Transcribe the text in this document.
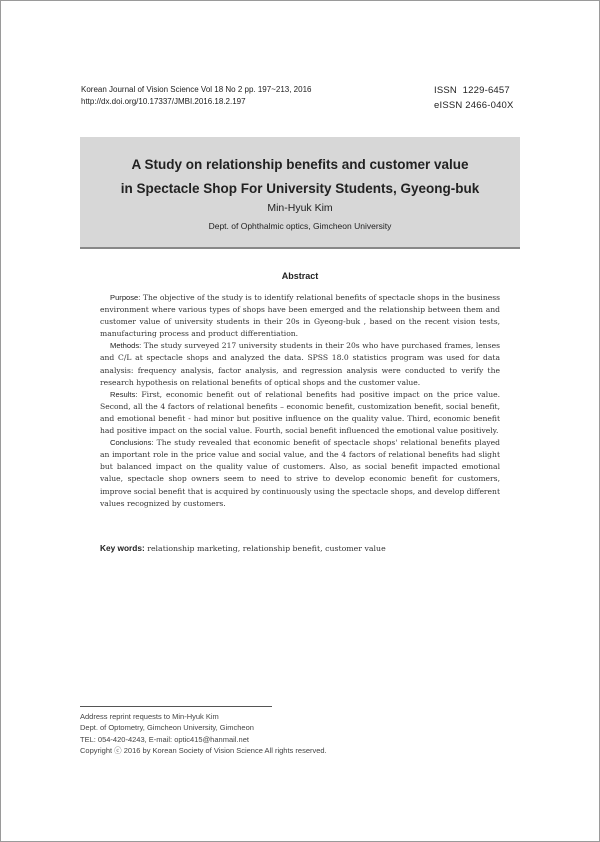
Korean Journal of Vision Science Vol 18 No 2 pp. 197~213, 2016
http://dx.doi.org/10.17337/JMBI.2016.18.2.197
ISSN  1229-6457
eISSN 2466-040X
A Study on relationship benefits and customer value
in Spectacle Shop For University Students, Gyeong-buk
Min-Hyuk Kim
Dept. of Ophthalmic optics, Gimcheon University
Abstract

Purpose: The objective of the study is to identify relational benefits of spectacle shops in the business environment where various types of shops have been emerged and the relationship between them and customer value of university students in their 20s in Gyeong-buk , based on the recent vision tests, manufacturing process and product differentiation.

Methods: The study surveyed 217 university students in their 20s who have purchased frames, lenses and C/L at spectacle shops and analyzed the data. SPSS 18.0 statistics program was used for data analysis: frequency analysis, factor analysis, and regression analysis were conducted to verify the research hypothesis on relational benefits of optical shops and the customer value.

Results: First, economic benefit out of relational benefits had positive impact on the price value. Second, all the 4 factors of relational benefits – economic benefit, customization benefit, social benefit, and emotional benefit - had minor but positive influence on the quality value. Third, economic benefit had positive impact on the social value. Fourth, social benefit influenced the emotional value positively.

Conclusions: The study revealed that economic benefit of spectacle shops' relational benefits played an important role in the price value and social value, and the 4 factors of relational benefits had slight but balanced impact on the quality value of customers. Also, as social benefit impacted emotional value, spectacle shop owners seem to need to strive to develop economic benefit for customers, improve social benefit that is acquired by continuously using the spectacle shops, and develop different values recognized by customers.

Key words: relationship marketing, relationship benefit, customer value
Address reprint requests to Min-Hyuk Kim
Dept. of Optometry, Gimcheon University, Gimcheon
TEL: 054-420-4243, E-mail: optic415@hanmail.net
Copyright ⓒ 2016 by Korean Society of Vision Science All rights reserved.
